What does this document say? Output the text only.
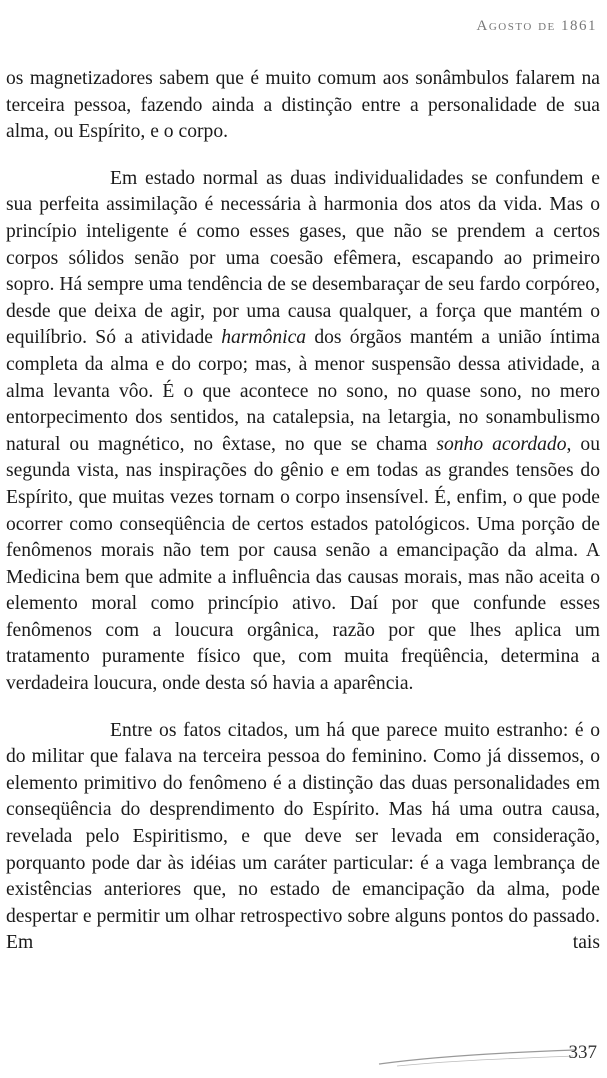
Agosto de 1861

os magnetizadores sabem que é muito comum aos sonâmbulos falarem na terceira pessoa, fazendo ainda a distinção entre a personalidade de sua alma, ou Espírito, e o corpo.

Em estado normal as duas individualidades se confundem e sua perfeita assimilação é necessária à harmonia dos atos da vida. Mas o princípio inteligente é como esses gases, que não se prendem a certos corpos sólidos senão por uma coesão efêmera, escapando ao primeiro sopro. Há sempre uma tendência de se desembaraçar de seu fardo corpóreo, desde que deixa de agir, por uma causa qualquer, a força que mantém o equilíbrio. Só a atividade harmônica dos órgãos mantém a união íntima completa da alma e do corpo; mas, à menor suspensão dessa atividade, a alma levanta vôo. É o que acontece no sono, no quase sono, no mero entorpecimento dos sentidos, na catalepsia, na letargia, no sonambulismo natural ou magnético, no êxtase, no que se chama sonho acordado, ou segunda vista, nas inspirações do gênio e em todas as grandes tensões do Espírito, que muitas vezes tornam o corpo insensível. É, enfim, o que pode ocorrer como conseqüência de certos estados patológicos. Uma porção de fenômenos morais não tem por causa senão a emancipação da alma. A Medicina bem que admite a influência das causas morais, mas não aceita o elemento moral como princípio ativo. Daí por que confunde esses fenômenos com a loucura orgânica, razão por que lhes aplica um tratamento puramente físico que, com muita freqüência, determina a verdadeira loucura, onde desta só havia a aparência.

Entre os fatos citados, um há que parece muito estranho: é o do militar que falava na terceira pessoa do feminino. Como já dissemos, o elemento primitivo do fenômeno é a distinção das duas personalidades em conseqüência do desprendimento do Espírito. Mas há uma outra causa, revelada pelo Espiritismo, e que deve ser levada em consideração, porquanto pode dar às idéias um caráter particular: é a vaga lembrança de existências anteriores que, no estado de emancipação da alma, pode despertar e permitir um olhar retrospectivo sobre alguns pontos do passado. Em tais

337
